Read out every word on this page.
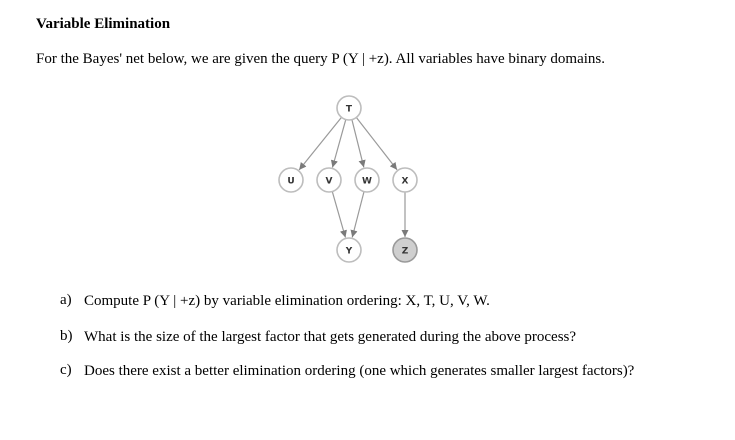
Variable Elimination
For the Bayes' net below, we are given the query P (Y | +z). All variables have binary domains.
T
U	V	W	X
Y	Z
a) Compute P (Y | +z) by variable elimination ordering: X, T, U, V, W.
b) What is the size of the largest factor that gets generated during the above process?
c) Does there exist a better elimination ordering (one which generates smaller largest factors)?
